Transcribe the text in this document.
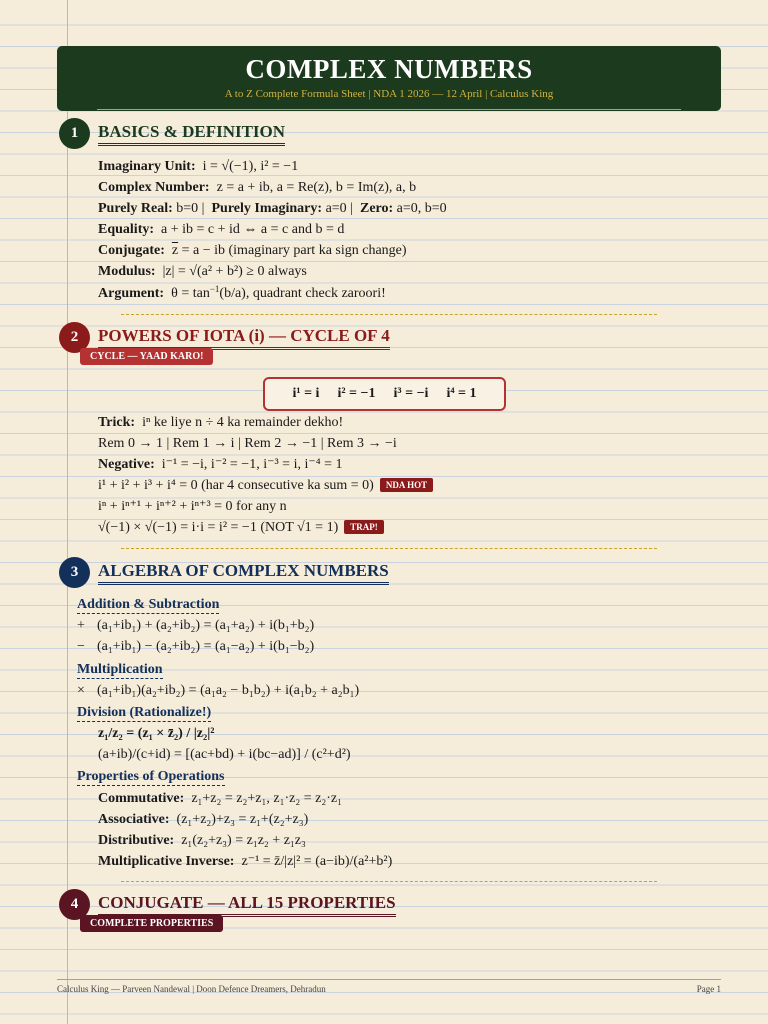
COMPLEX NUMBERS
A to Z Complete Formula Sheet | NDA 1 2026 — 12 April | Calculus King
1	BASICS & DEFINITION
Imaginary Unit: i = √(−1), i² = −1
Complex Number: z = a + ib, a = Re(z), b = Im(z), a, b
Purely Real: b=0 | Purely Imaginary: a=0 | Zero: a=0, b=0
Equality: a + ib = c + id ⇔ a = c and b = d
Conjugate: $\overline{z} = a$ − ib (imaginary part ka sign change)
Modulus: |z| = √(a² + b²) ≥ 0 always
Argument: $\theta = \tan^{-1}(b/a)$, quadrant check zaroori!
2	POWERS OF IOTA (i) — CYCLE OF 4
CYCLE — YAAD KARO!
i¹ = i i² = −1 i³ = −i i⁴ = 1
Trick: iⁿ ke liye n ÷ 4 ka remainder dekho!
Rem 0 → 1 | Rem 1 → i | Rem 2 → −1 | Rem 3 → −i
Negative: i⁻¹ = −i, i⁻² = −1, i⁻³ = i, i⁻⁴ = 1
i¹ + i² + i³ + i⁴ = 0 (har 4 consecutive ka sum = 0) NDA HOT
iⁿ + iⁿ⁺¹ + iⁿ⁺² + iⁿ⁺³ = 0 for any n
√(−1) × √(−1) = i·i = i² = −1 (NOT √1 = 1) TRAP!
3	ALGEBRA OF COMPLEX NUMBERS
Addition & Subtraction
+ (a₁+ib₁) + (a₂+ib₂) = (a₁+a₂) + i(b₁+b₂)
− (a₁+ib₁) − (a₂+ib₂) = (a₁−a₂) + i(b₁−b₂)
Multiplication
× (a₁+ib₁)(a₂+ib₂) = (a₁a₂ − b₁b₂) + i(a₁b₂ + a₂b₁)
Division (Rationalize!)
z₁/z₂ = (z₁ × z̄₂) / |z₂|²
(a+ib)/(c+id) = [(ac+bd) + i(bc−ad)] / (c²+d²)
Properties of Operations
Commutative: z₁+z₂ = z₂+z₁, z₁·z₂ = z₂·z₁
Associative: (z₁+z₂)+z₃ = z₁+(z₂+z₃)
Distributive: z₁(z₂+z₃) = z₁z₂ + z₁z₃
Multiplicative Inverse: z⁻¹ = z̄/|z|² = (a−ib)/(a²+b²)
4	CONJUGATE — ALL 15 PROPERTIES
COMPLETE PROPERTIES
Calculus King — Parveen Nandewal | Doon Defence Dreamers, Dehradun	Page 1
